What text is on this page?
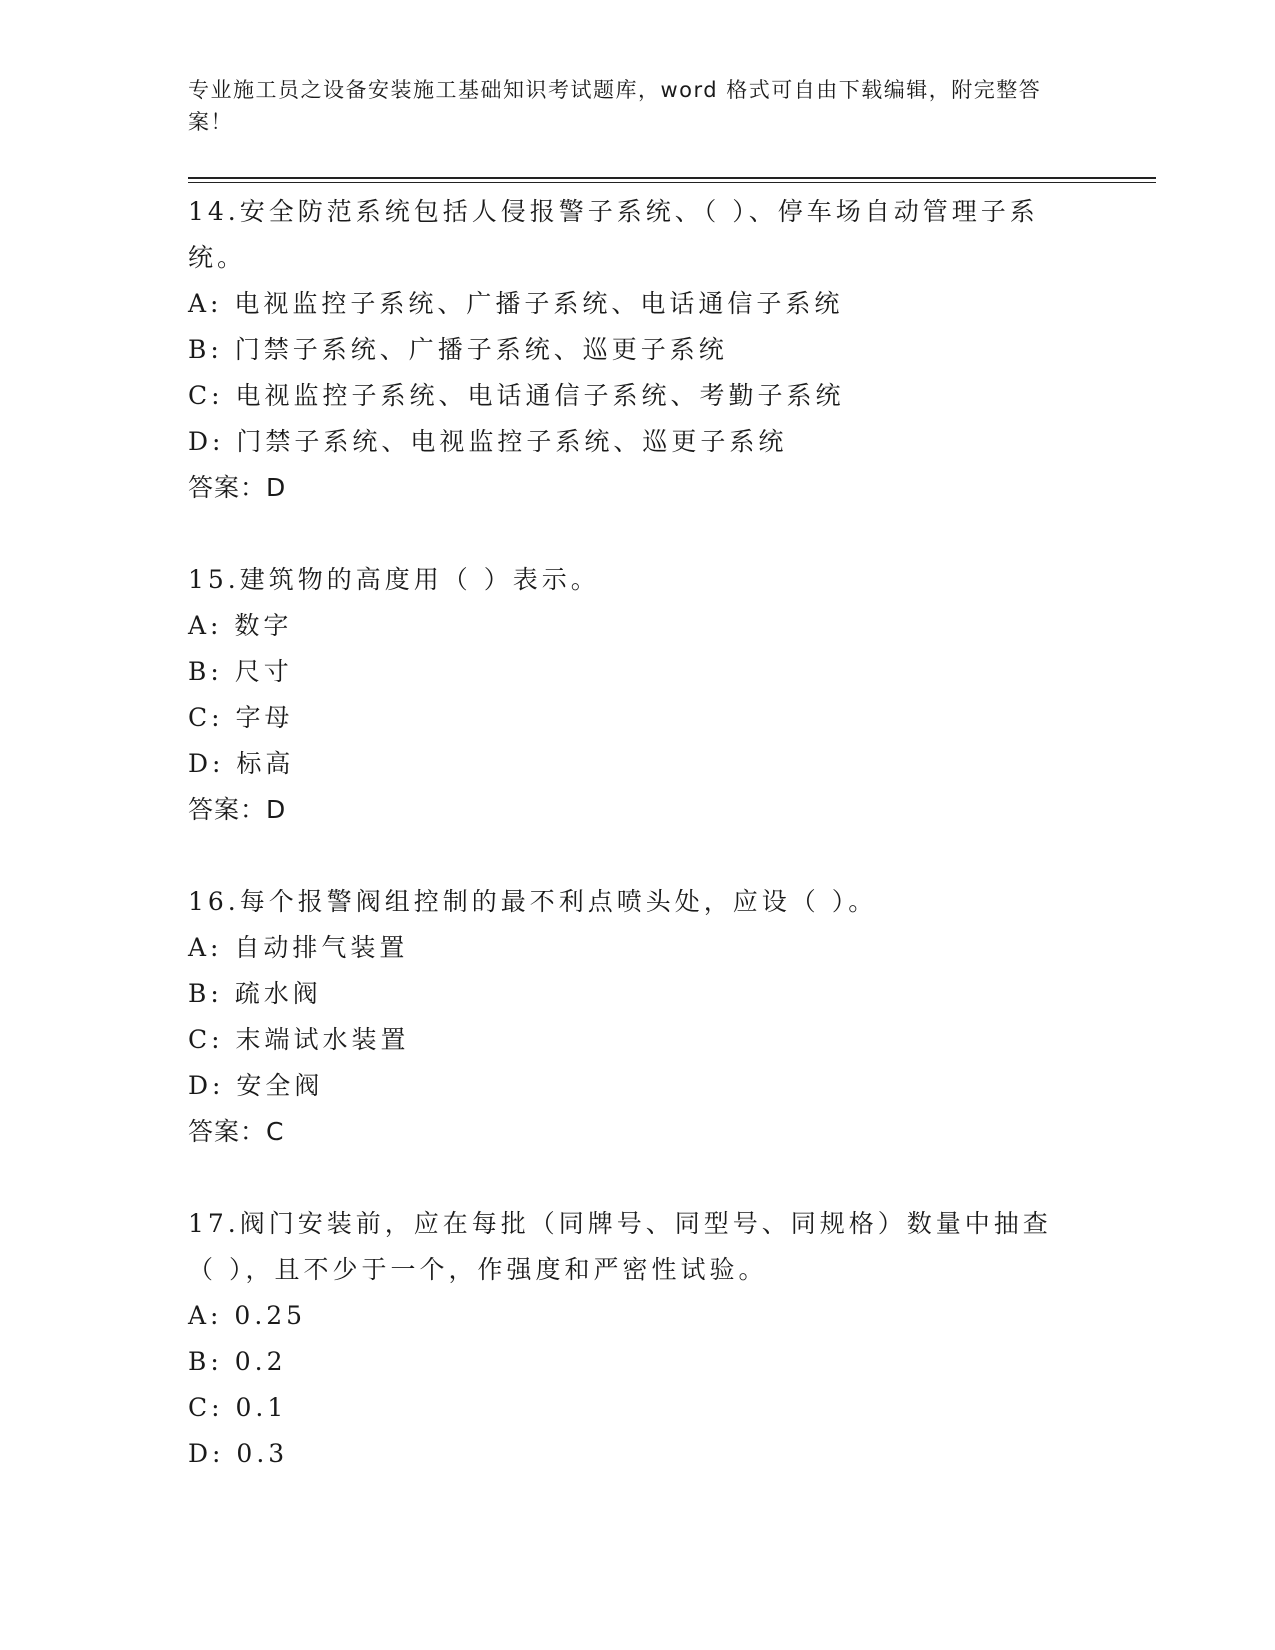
专业施工员之设备安装施工基础知识考试题库，word 格式可自由下载编辑，附完整答案！

14.安全防范系统包括人侵报警子系统、（ ）、停车场自动管理子系统。

A: 电视监控子系统、广播子系统、电话通信子系统

B: 门禁子系统、广播子系统、巡更子系统

C: 电视监控子系统、电话通信子系统、考勤子系统

D: 门禁子系统、电视监控子系统、巡更子系统

答案：D

15.建筑物的高度用（ ）表示。

A: 数字

B: 尺寸

C: 字母

D: 标高

答案：D

16.每个报警阀组控制的最不利点喷头处，应设（ ）。

A: 自动排气装置

B: 疏水阀

C: 末端试水装置

D: 安全阀

答案：C

17.阀门安装前，应在每批（同牌号、同型号、同规格）数量中抽查（ ），且不少于一个，作强度和严密性试验。

A: 0.25

B: 0.2

C: 0.1

D: 0.3
